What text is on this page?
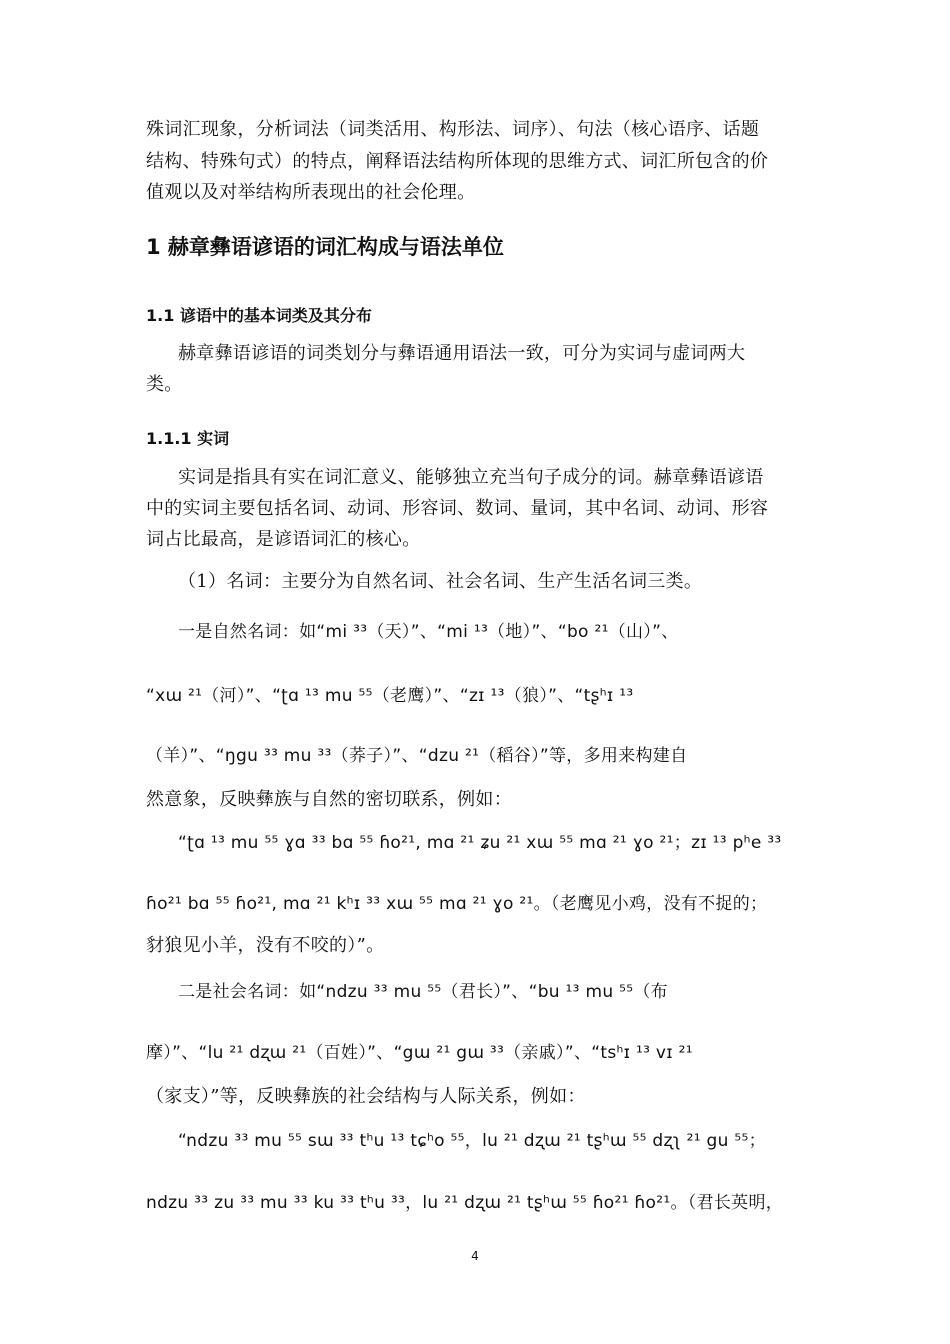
殊词汇现象，分析词法（词类活用、构形法、词序）、句法（核心语序、话题
结构、特殊句式）的特点，阐释语法结构所体现的思维方式、词汇所包含的价
值观以及对举结构所表现出的社会伦理。
1 赫章彝语谚语的词汇构成与语法单位
1.1 谚语中的基本词类及其分布
赫章彝语谚语的词类划分与彝语通用语法一致，可分为实词与虚词两大
类。
1.1.1 实词
实词是指具有实在词汇意义、能够独立充当句子成分的词。赫章彝语谚语
中的实词主要包括名词、动词、形容词、数词、量词，其中名词、动词、形容
词占比最高，是谚语词汇的核心。
（1）名词：主要分为自然名词、社会名词、生产生活名词三类。
一是自然名词：如“mi ³³（天）”、“mi ¹³（地）”、“bo ²¹（山）”、
“xɯ ²¹（河）”、“ʈɑ ¹³ mu ⁵⁵（老鹰）”、“zɪ ¹³（狼）”、“tʂʰɪ ¹³
（羊）”、“ŋgu ³³ mu ³³（荞子）”、“dzu ²¹（稻谷）”等，多用来构建自
然意象，反映彝族与自然的密切联系，例如：
“ʈɑ ¹³ mu ⁵⁵ ɣɑ ³³ bɑ ⁵⁵ ɦo²¹, mɑ ²¹ ʑu ²¹ xɯ ⁵⁵ mɑ ²¹ ɣo ²¹；zɪ ¹³ pʰe ³³
ɦo²¹ bɑ ⁵⁵ ɦo²¹, mɑ ²¹ kʰɪ ³³ xɯ ⁵⁵ mɑ ²¹ ɣo ²¹。（老鹰见小鸡，没有不捉的；
豺狼见小羊，没有不咬的）”。
二是社会名词：如“ndzu ³³ mu ⁵⁵（君长）”、“bu ¹³ mu ⁵⁵（布
摩）”、“lu ²¹ dʐɯ ²¹（百姓）”、“gɯ ²¹ gɯ ³³（亲戚）”、“tsʰɪ ¹³ vɪ ²¹
（家支）”等，反映彝族的社会结构与人际关系，例如：
“ndzu ³³ mu ⁵⁵ sɯ ³³ tʰu ¹³ tɕʰo ⁵⁵，lu ²¹ dʐɯ ²¹ tʂʰɯ ⁵⁵ dʐʅ ²¹ gu ⁵⁵；
ndzu ³³ zu ³³ mu ³³ ku ³³ tʰu ³³，lu ²¹ dʐɯ ²¹ tʂʰɯ ⁵⁵ ɦo²¹ ɦo²¹。（君长英明，
4
